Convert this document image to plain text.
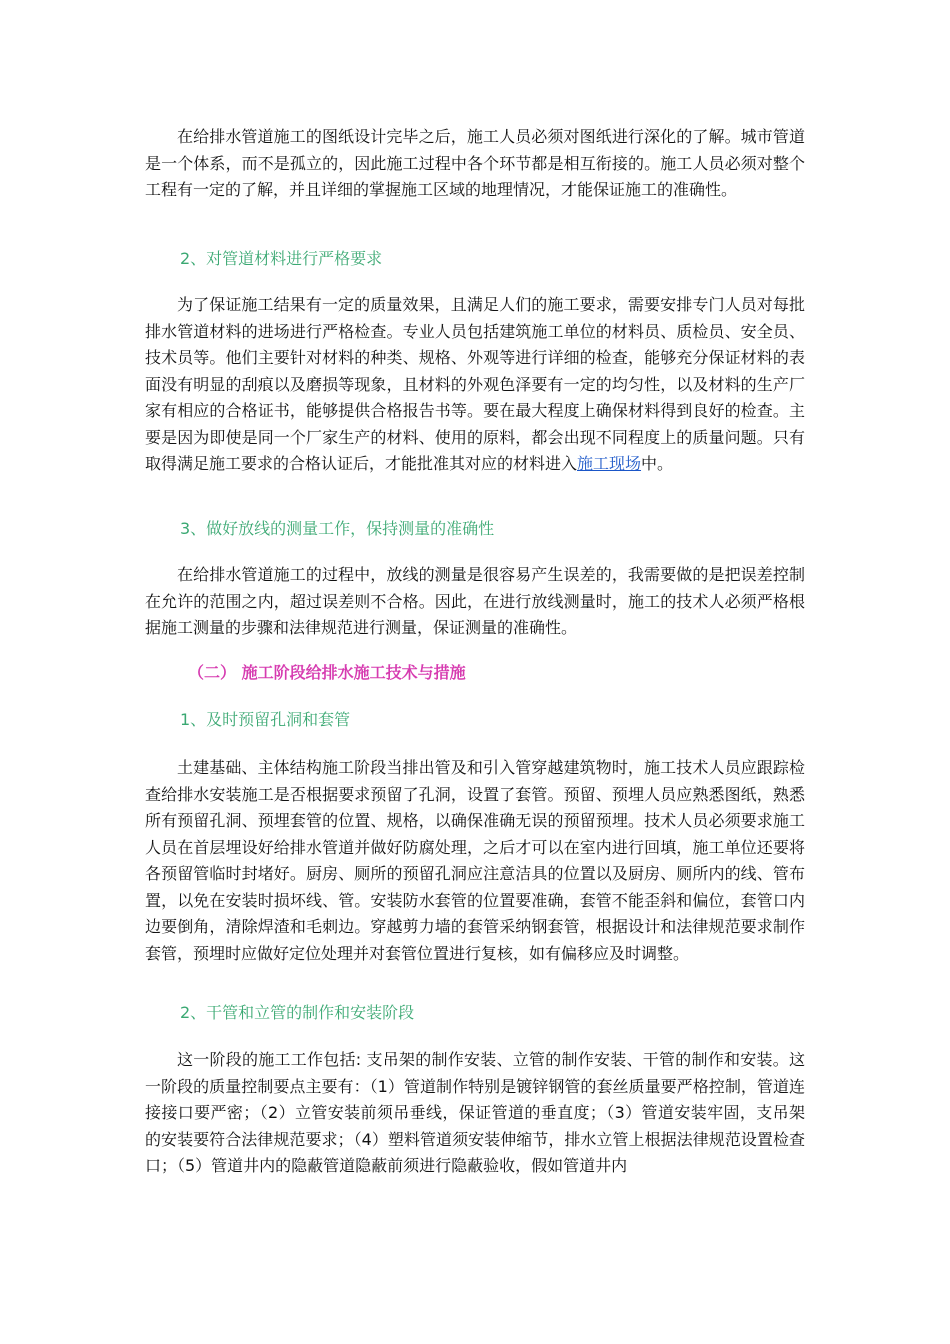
在给排水管道施工的图纸设计完毕之后，施工人员必须对图纸进行深化的了解。城市管道是一个体系，而不是孤立的，因此施工过程中各个环节都是相互衔接的。施工人员必须对整个工程有一定的了解，并且详细的掌握施工区域的地理情况，才能保证施工的准确性。

2、对管道材料进行严格要求

为了保证施工结果有一定的质量效果，且满足人们的施工要求，需要安排专门人员对每批排水管道材料的进场进行严格检查。专业人员包括建筑施工单位的材料员、质检员、安全员、技术员等。他们主要针对材料的种类、规格、外观等进行详细的检查，能够充分保证材料的表面没有明显的刮痕以及磨损等现象，且材料的外观色泽要有一定的均匀性，以及材料的生产厂家有相应的合格证书，能够提供合格报告书等。要在最大程度上确保材料得到良好的检查。主要是因为即使是同一个厂家生产的材料、使用的原料，都会出现不同程度上的质量问题。只有取得满足施工要求的合格认证后，才能批准其对应的材料进入施工现场中。

3、做好放线的测量工作，保持测量的准确性

在给排水管道施工的过程中，放线的测量是很容易产生误差的，我需要做的是把误差控制在允许的范围之内，超过误差则不合格。因此，在进行放线测量时，施工的技术人必须严格根据施工测量的步骤和法律规范进行测量，保证测量的准确性。

（二） 施工阶段给排水施工技术与措施

1、及时预留孔洞和套管

土建基础、主体结构施工阶段当排出管及和引入管穿越建筑物时，施工技术人员应跟踪检查给排水安装施工是否根据要求预留了孔洞，设置了套管。预留、预埋人员应熟悉图纸，熟悉所有预留孔洞、预埋套管的位置、规格，以确保准确无误的预留预埋。技术人员必须要求施工人员在首层埋设好给排水管道并做好防腐处理，之后才可以在室内进行回填，施工单位还要将各预留管临时封堵好。厨房、厕所的预留孔洞应注意洁具的位置以及厨房、厕所内的线、管布置，以免在安装时损坏线、管。安装防水套管的位置要准确，套管不能歪斜和偏位，套管口内边要倒角，清除焊渣和毛刺边。穿越剪力墙的套管采纳钢套管，根据设计和法律规范要求制作套管，预埋时应做好定位处理并对套管位置进行复核，如有偏移应及时调整。

2、干管和立管的制作和安装阶段

这一阶段的施工工作包括: 支吊架的制作安装、立管的制作安装、干管的制作和安装。这一阶段的质量控制要点主要有：（1）管道制作特别是镀锌钢管的套丝质量要严格控制，管道连接接口要严密；（2）立管安装前须吊垂线，保证管道的垂直度；（3）管道安装牢固，支吊架的安装要符合法律规范要求；（4）塑料管道须安装伸缩节，排水立管上根据法律规范设置检查口；（5）管道井内的隐蔽管道隐蔽前须进行隐蔽验收，假如管道井内
